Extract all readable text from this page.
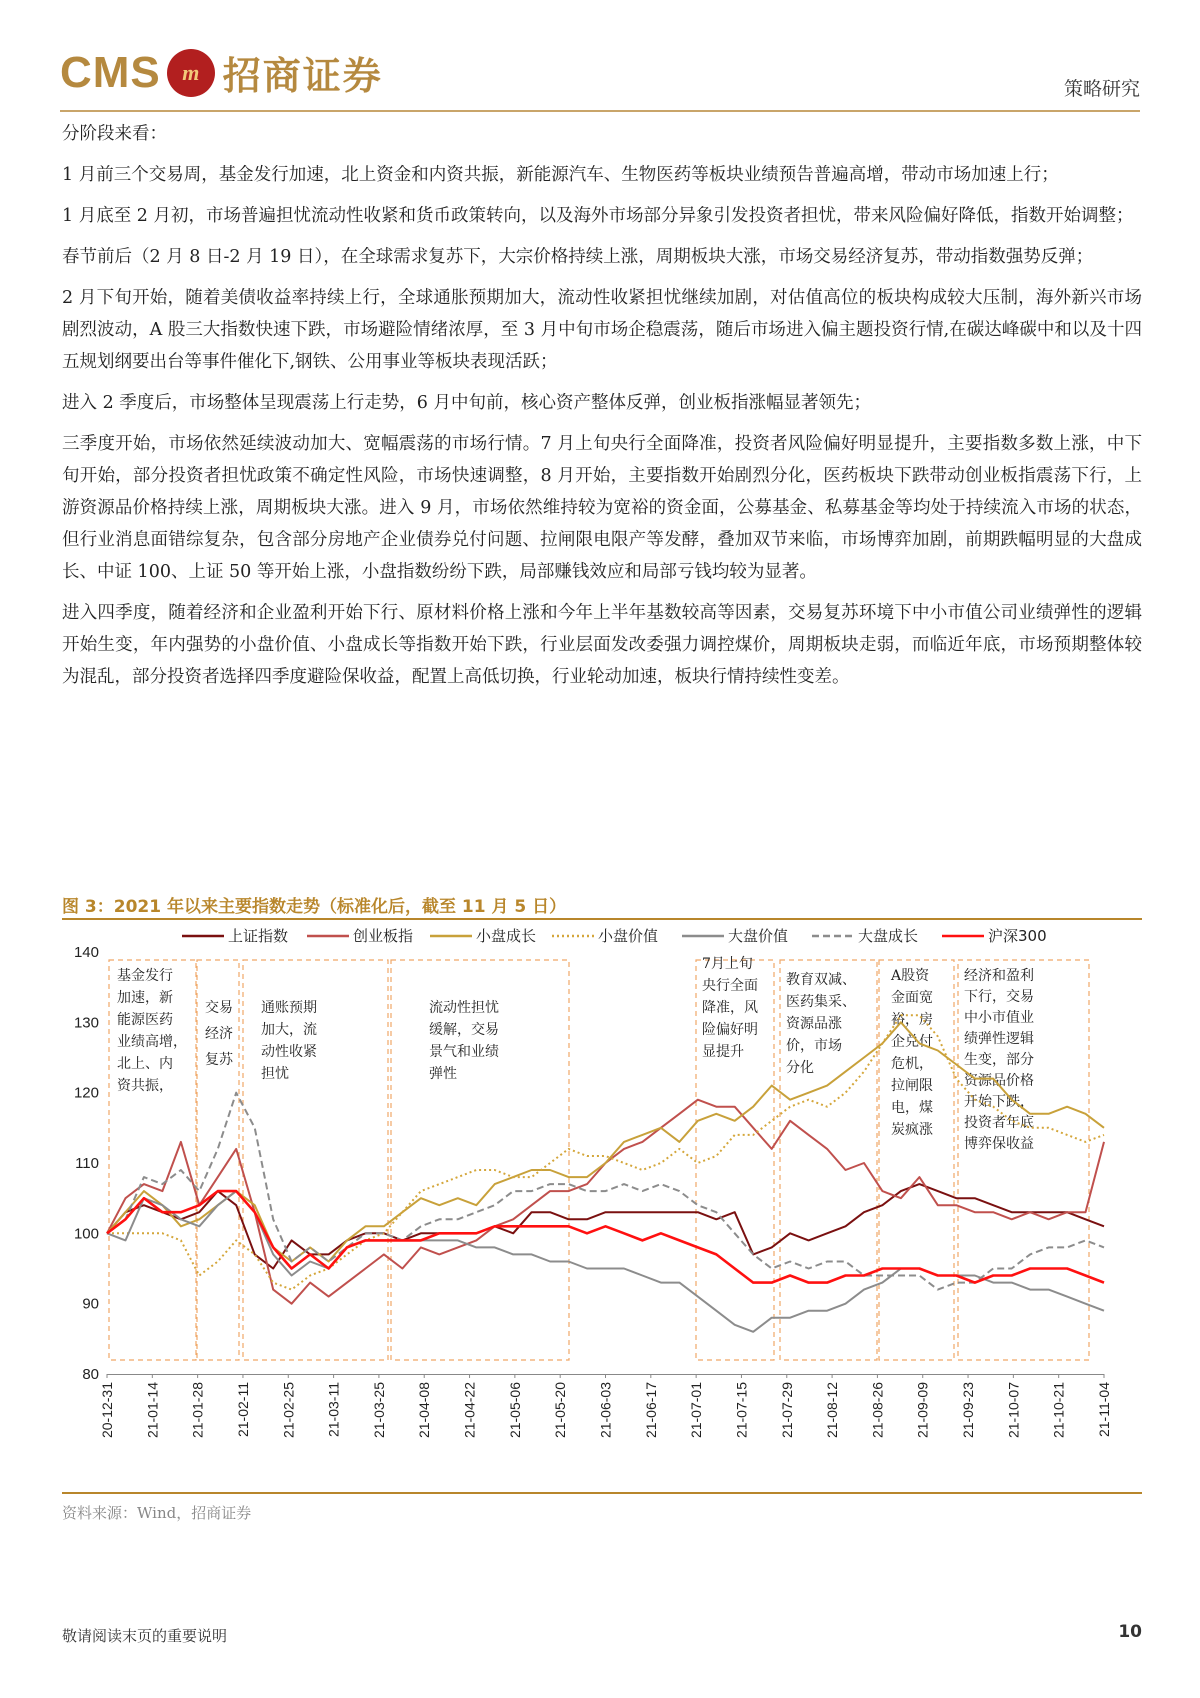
CMS m 招商证券	策略研究

分阶段来看：

1 月前三个交易周，基金发行加速，北上资金和内资共振，新能源汽车、生物医药等板块业绩预告普遍高增，带动市场加速上行；

1 月底至 2 月初，市场普遍担忧流动性收紧和货币政策转向，以及海外市场部分异象引发投资者担忧，带来风险偏好降低，指数开始调整；

春节前后（2 月 8 日-2 月 19 日），在全球需求复苏下，大宗价格持续上涨，周期板块大涨，市场交易经济复苏，带动指数强势反弹；

2 月下旬开始，随着美债收益率持续上行，全球通胀预期加大，流动性收紧担忧继续加剧，对估值高位的板块构成较大压制，海外新兴市场剧烈波动，A 股三大指数快速下跌，市场避险情绪浓厚，至 3 月中旬市场企稳震荡，随后市场进入偏主题投资行情,在碳达峰碳中和以及十四五规划纲要出台等事件催化下,钢铁、公用事业等板块表现活跃；

进入 2 季度后，市场整体呈现震荡上行走势，6 月中旬前，核心资产整体反弹，创业板指涨幅显著领先；

三季度开始，市场依然延续波动加大、宽幅震荡的市场行情。7 月上旬央行全面降准，投资者风险偏好明显提升，主要指数多数上涨，中下旬开始，部分投资者担忧政策不确定性风险，市场快速调整，8 月开始，主要指数开始剧烈分化，医药板块下跌带动创业板指震荡下行，上游资源品价格持续上涨，周期板块大涨。进入 9 月，市场依然维持较为宽裕的资金面，公募基金、私募基金等均处于持续流入市场的状态，但行业消息面错综复杂，包含部分房地产企业债券兑付问题、拉闸限电限产等发酵，叠加双节来临，市场博弈加剧，前期跌幅明显的大盘成长、中证 100、上证 50 等开始上涨，小盘指数纷纷下跌，局部赚钱效应和局部亏钱均较为显著。

进入四季度，随着经济和企业盈利开始下行、原材料价格上涨和今年上半年基数较高等因素，交易复苏环境下中小市值公司业绩弹性的逻辑开始生变，年内强势的小盘价值、小盘成长等指数开始下跌，行业层面发改委强力调控煤价，周期板块走弱，而临近年底，市场预期整体较为混乱，部分投资者选择四季度避险保收益，配置上高低切换，行业轮动加速，板块行情持续性变差。

图 3：2021 年以来主要指数走势（标准化后，截至 11 月 5 日）
80
90
100
110
120
130
140
20-12-31 21-01-14 21-01-28 21-02-11 21-02-25 21-03-11 21-03-25 21-04-08 21-04-22 21-05-06 21-05-20 21-06-03 21-06-17 21-07-01 21-07-15 21-07-29 21-08-12 21-08-26 21-09-09 21-09-23 21-10-07 21-10-21 21-11-04
基金发行
加速，新
能源医药
业绩高增，
北上、内
资共振，
交易
经济
复苏
通账预期
加大，流
动性收紧
担忧
流动性担忧
缓解，交易
景气和业绩
弹性
7月上旬
央行全面
降准，风
险偏好明
显提升
教育双减、
医药集采、
资源品涨
价，市场
分化
A股资
金面宽
裕，房
企兑付
危机，
拉闸限
电，煤
炭疯涨
经济和盈利
下行，交易
中小市值业
绩弹性逻辑
生变，部分
资源品价格
开始下跌，
投资者年底
博弈保收益
上证指数	创业板指	小盘成长	小盘价值	大盘价值	大盘成长	沪深300
资料来源：Wind，招商证券
敬请阅读末页的重要说明	10
